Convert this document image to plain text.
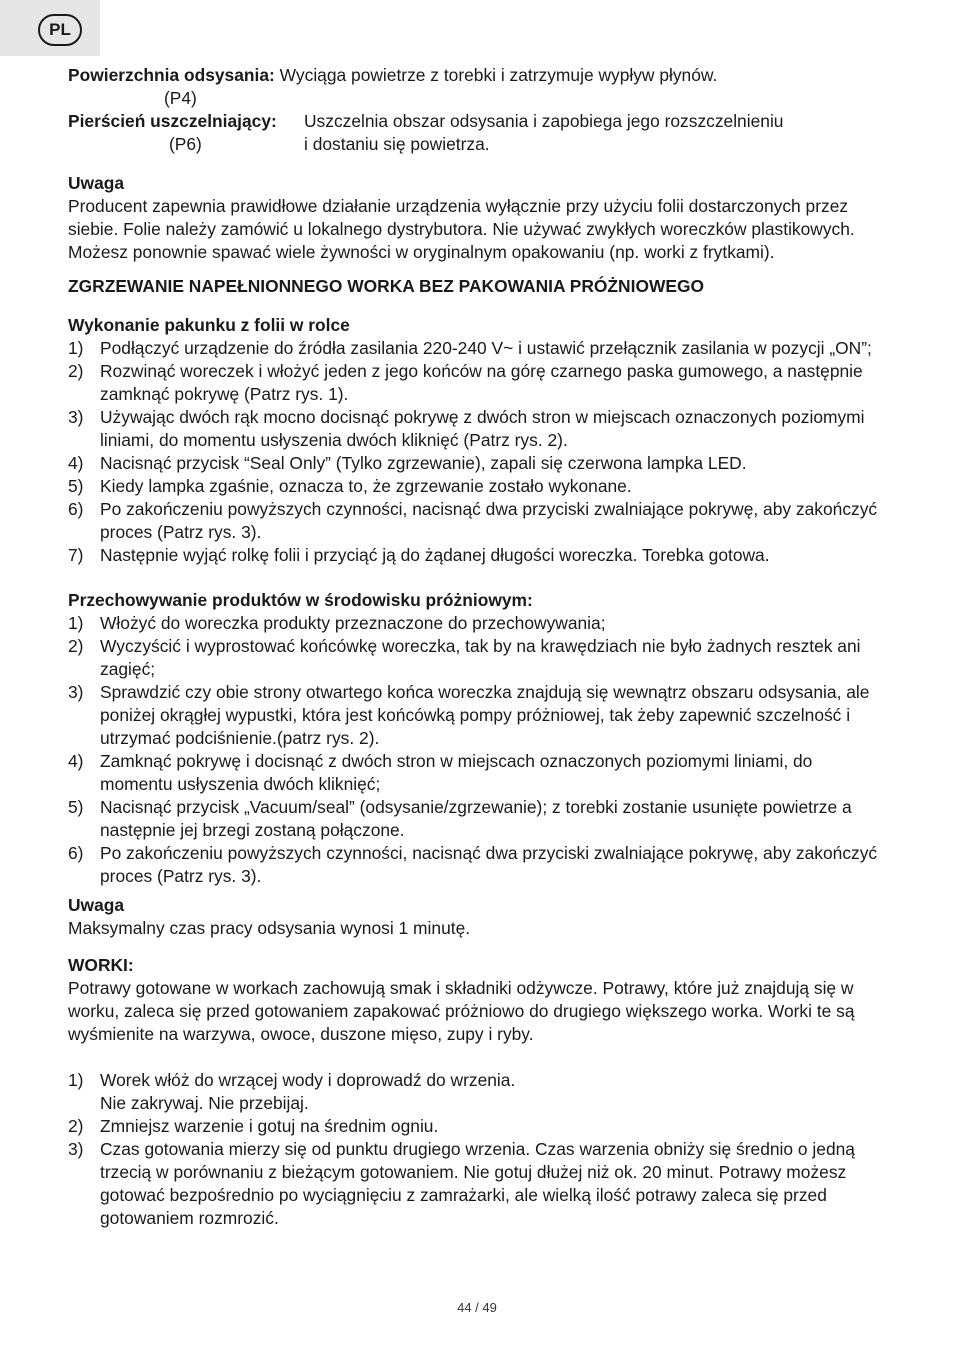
PL
Powierzchnia odsysania:
Wyciąga powietrze z torebki i zatrzymuje wypływ płynów.
(P4)
Pierścień uszczelniający:	Uszczelnia obszar odsysania i zapobiega jego rozszczelnieniu
(P6)	i dostaniu się powietrza.
Uwaga

Producent zapewnia prawidłowe działanie urządzenia wyłącznie przy użyciu folii dostarczonych przez siebie. Folie należy zamówić u lokalnego dystrybutora. Nie używać zwykłych woreczków plastikowych. Możesz ponownie spawać wiele żywności w oryginalnym opakowaniu (np. worki z frytkami).

ZGRZEWANIE NAPEŁNIONNEGO WORKA BEZ PAKOWANIA PRÓŻNIOWEGO
Wykonanie pakunku z folii w rolce
1) Podłączyć urządzenie do źródła zasilania 220-240 V~ i ustawić przełącznik zasilania w pozycji „ON”;
2) Rozwinąć woreczek i włożyć jeden z jego końców na górę czarnego paska gumowego, a następnie zamknąć pokrywę (Patrz rys. 1).
3) Używając dwóch rąk mocno docisnąć pokrywę z dwóch stron w miejscach oznaczonych poziomymi liniami, do momentu usłyszenia dwóch kliknięć (Patrz rys. 2).
4) Nacisnąć przycisk “Seal Only” (Tylko zgrzewanie), zapali się czerwona lampka LED.
5) Kiedy lampka zgaśnie, oznacza to, że zgrzewanie zostało wykonane.
6) Po zakończeniu powyższych czynności, nacisnąć dwa przyciski zwalniające pokrywę, aby zakończyć proces (Patrz rys. 3).
7) Następnie wyjąć rolkę folii i przyciąć ją do żądanej długości woreczka. Torebka gotowa.
Przechowywanie produktów w środowisku próżniowym:
1) Włożyć do woreczka produkty przeznaczone do przechowywania;
2) Wyczyścić i wyprostować końcówkę woreczka, tak by na krawędziach nie było żadnych resztek ani zagięć;
3) Sprawdzić czy obie strony otwartego końca woreczka znajdują się wewnątrz obszaru odsysania, ale poniżej okrągłej wypustki, która jest końcówką pompy próżniowej, tak żeby zapewnić szczelność i utrzymać podciśnienie.(patrz rys. 2).
4) Zamknąć pokrywę i docisnąć z dwóch stron w miejscach oznaczonych poziomymi liniami, do momentu usłyszenia dwóch kliknięć;
5) Nacisnąć przycisk „Vacuum/seal” (odsysanie/zgrzewanie); z torebki zostanie usunięte powietrze a następnie jej brzegi zostaną połączone.
6) Po zakończeniu powyższych czynności, nacisnąć dwa przyciski zwalniające pokrywę, aby zakończyć proces (Patrz rys. 3).
Uwaga

Maksymalny czas pracy odsysania wynosi 1 minutę.

WORKI:

Potrawy gotowane w workach zachowują smak i składniki odżywcze. Potrawy, które już znajdują się w worku, zaleca się przed gotowaniem zapakować próżniowo do drugiego większego worka. Worki te są wyśmienite na warzywa, owoce, duszone mięso, zupy i ryby.

1) Worek włóż do wrzącej wody i doprowadź do wrzenia.
Nie zakrywaj. Nie przebijaj.
2) Zmniejsz warzenie i gotuj na średnim ogniu.
3) Czas gotowania mierzy się od punktu drugiego wrzenia. Czas warzenia obniży się średnio o jedną trzecią w porównaniu z bieżącym gotowaniem. Nie gotuj dłużej niż ok. 20 minut. Potrawy możesz gotować bezpośrednio po wyciągnięciu z zamrażarki, ale wielką ilość potrawy zaleca się przed gotowaniem rozmrozić.
44 / 49
